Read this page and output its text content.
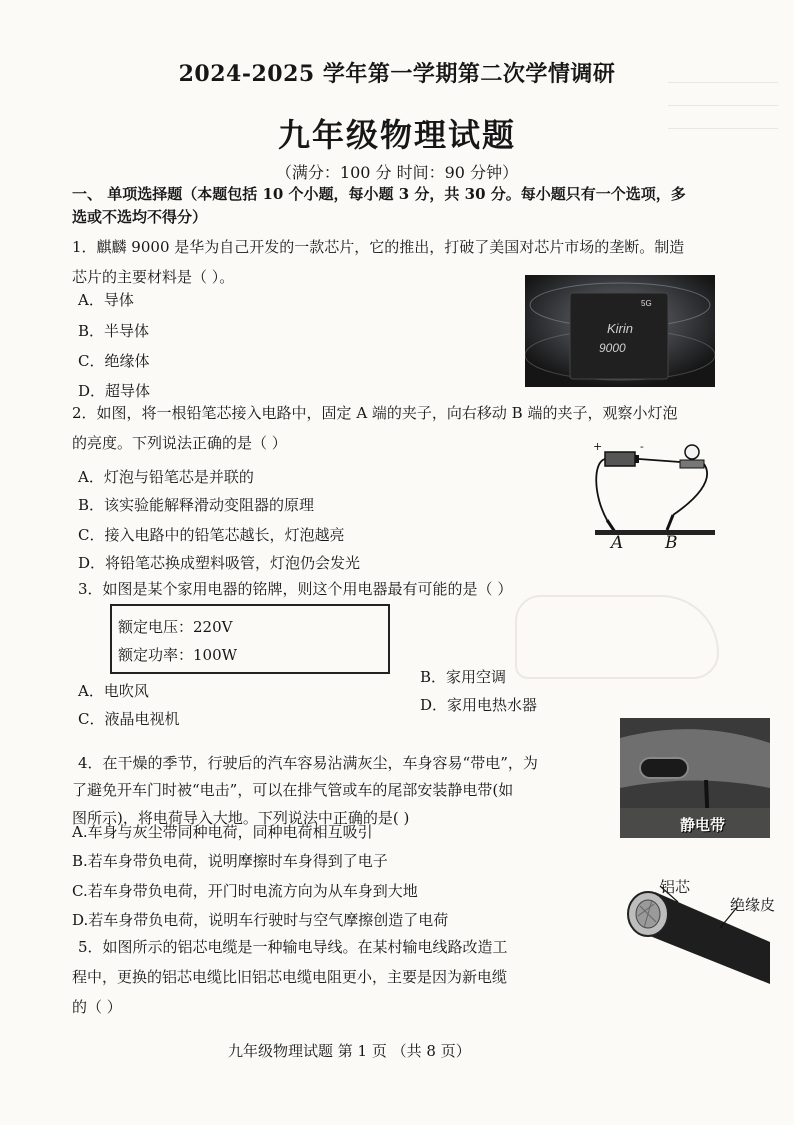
2024-2025 学年第一学期第二次学情调研
九年级物理试题
（满分：100 分 时间：90 分钟）
一、 单项选择题（本题包括 10 个小题，每小题 3 分，共 30 分。每小题只有一个选项，多
选或不选均不得分）
1．麒麟 9000 是华为自己开发的一款芯片，它的推出，打破了美国对芯片市场的垄断。制造
芯片的主要材料是（ ）。
A．导体
B．半导体
C．绝缘体
D．超导体
5G
Kirin
9000
2．如图，将一根铅笔芯接入电路中，固定 A 端的夹子，向右移动 B 端的夹子，观察小灯泡
的亮度。下列说法正确的是（ ）
A．灯泡与铅笔芯是并联的
B．该实验能解释滑动变阻器的原理
C．接入电路中的铅笔芯越长，灯泡越亮
D．将铅笔芯换成塑料吸管，灯泡仍会发光
+	-
A B
3．如图是某个家用电器的铭牌，则这个用电器最有可能的是（ ）
额定电压：220V
额定功率：100W
A．电吹风
B．家用空调
C．液晶电视机
D．家用电热水器
4．在干燥的季节，行驶后的汽车容易沾满灰尘，车身容易“带电”，为
了避免开车门时被“电击”，可以在排气管或车的尾部安装静电带(如
图所示)，将电荷导入大地。下列说法中正确的是( )
A.车身与灰尘带同种电荷，同种电荷相互吸引
B.若车身带负电荷，说明摩擦时车身得到了电子
C.若车身带负电荷，开门时电流方向为从车身到大地
D.若车身带负电荷，说明车行驶时与空气摩擦创造了电荷
静电带
5．如图所示的铝芯电缆是一种输电导线。在某村输电线路改造工
程中，更换的铝芯电缆比旧铝芯电缆电阻更小，主要是因为新电缆
的（ ）
铝芯
绝缘皮
九年级物理试题 第 1 页 （共 8 页）
